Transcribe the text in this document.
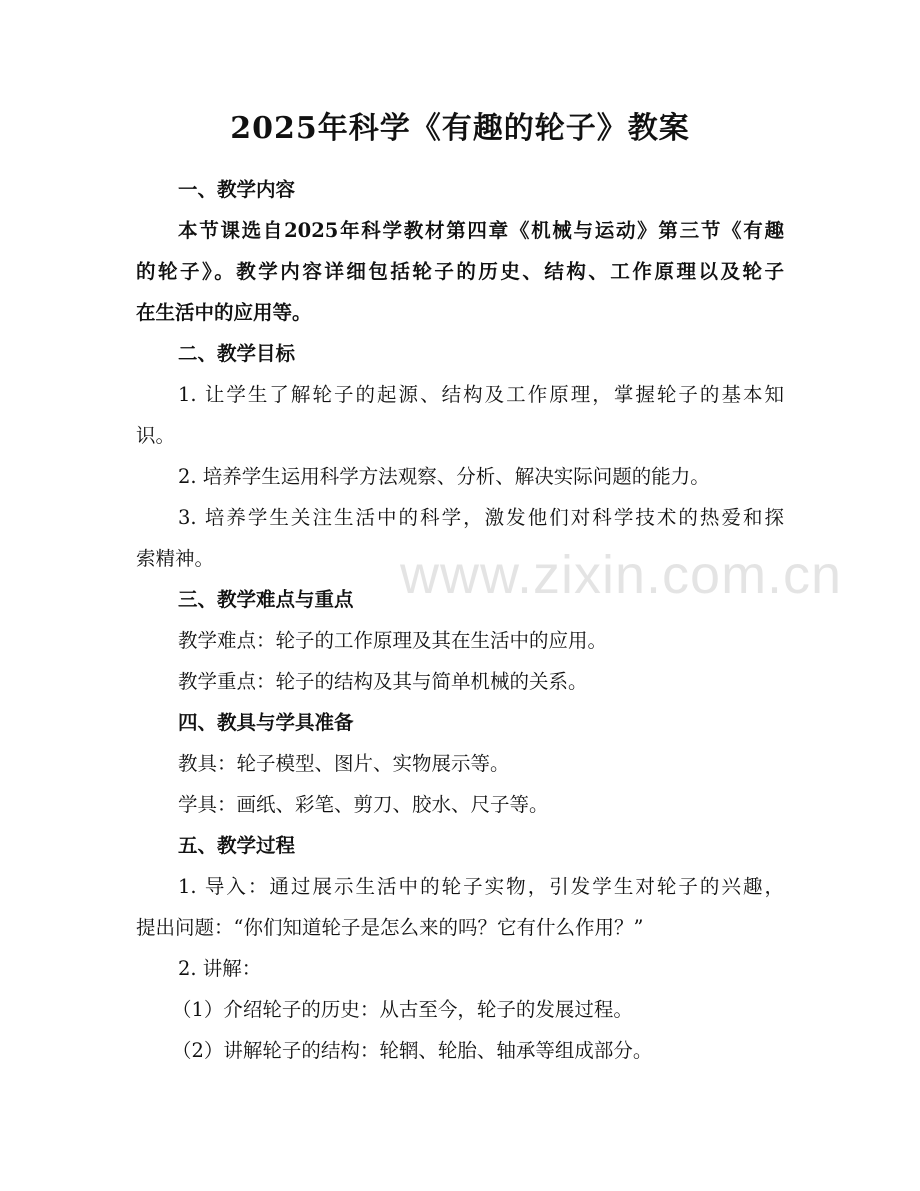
2025年科学《有趣的轮子》教案
一、教学内容
本节课选自2025年科学教材第四章《机械与运动》第三节《有趣
的轮子》。教学内容详细包括轮子的历史、结构、工作原理以及轮子
在生活中的应用等。
二、教学目标
1. 让学生了解轮子的起源、结构及工作原理，掌握轮子的基本知
识。
2. 培养学生运用科学方法观察、分析、解决实际问题的能力。
3. 培养学生关注生活中的科学，激发他们对科学技术的热爱和探
索精神。
三、教学难点与重点
教学难点：轮子的工作原理及其在生活中的应用。
教学重点：轮子的结构及其与简单机械的关系。
四、教具与学具准备
教具：轮子模型、图片、实物展示等。
学具：画纸、彩笔、剪刀、胶水、尺子等。
五、教学过程
1. 导入：通过展示生活中的轮子实物，引发学生对轮子的兴趣，
提出问题：“你们知道轮子是怎么来的吗？它有什么作用？”
2. 讲解：
（1）介绍轮子的历史：从古至今，轮子的发展过程。
（2）讲解轮子的结构：轮辋、轮胎、轴承等组成部分。
www.zixin.com.cn
